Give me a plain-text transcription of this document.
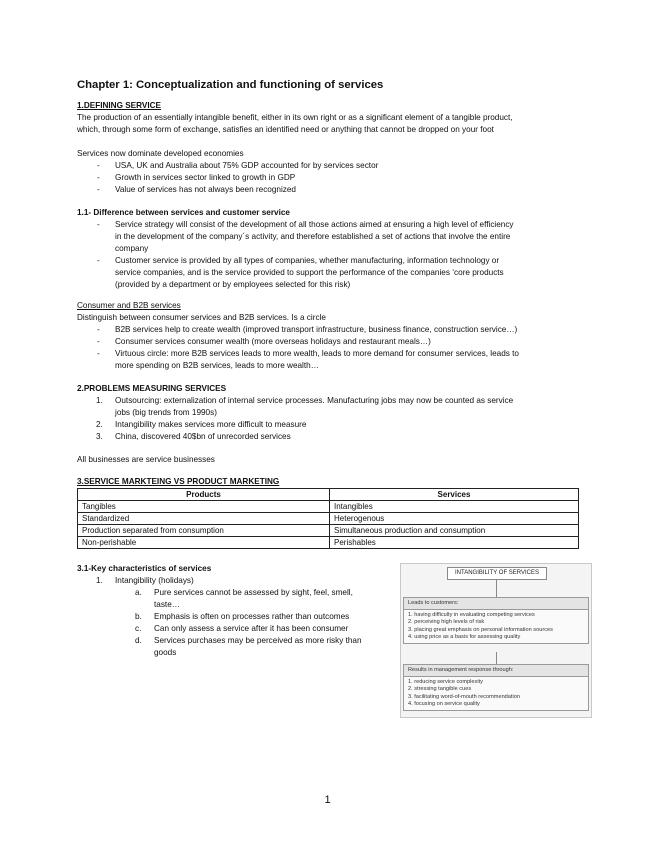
Chapter 1: Conceptualization and functioning of services
1.DEFINING SERVICE
The production of an essentially intangible benefit, either in its own right or as a significant element of a tangible product,
which, through some form of exchange, satisfies an identified need or anything that cannot be dropped on your foot
Services now dominate developed economies
- USA, UK and Australia about 75% GDP accounted for by services sector
- Growth in services sector linked to growth in GDP
- Value of services has not always been recognized
1.1- Difference between services and customer service
- Service strategy will consist of the development of all those actions aimed at ensuring a high level of efficiency
in the development of the company´s activity, and therefore established a set of actions that involve the entire
company
- Customer service is provided by all types of companies, whether manufacturing, information technology or
service companies, and is the service provided to support the performance of the companies ‘core products
(provided by a department or by employees selected for this risk)
Consumer and B2B services
Distinguish between consumer services and B2B services. Is a circle
- B2B services help to create wealth (improved transport infrastructure, business finance, construction service…)
- Consumer services consumer wealth (more overseas holidays and restaurant meals…)
- Virtuous circle: more B2B services leads to more wealth, leads to more demand for consumer services, leads to
more spending on B2B services, leads to more wealth…
2.PROBLEMS MEASURING SERVICES
1. Outsourcing: externalization of internal service processes. Manufacturing jobs may now be counted as service
jobs (big trends from 1990s)
2. Intangibility makes services more difficult to measure
3. China, discovered 40$bn of unrecorded services
All businesses are service businesses
3.SERVICE MARKTEING VS PRODUCT MARKETING
Products	Services
Tangibles	Intangibles
Standardized	Heterogenous
Production separated from consumption	Simultaneous production and consumption
Non-perishable	Perishables
3.1-Key characteristics of services
1. Intangibility (holidays)
a. Pure services cannot be assessed by sight, feel, smell,
taste…
b. Emphasis is often on processes rather than outcomes
c. Can only assess a service after it has been consumer
d. Services purchases may be perceived as more risky than
goods
INTANGIBILITY OF SERVICES
Leads to customers:
1. having difficulty in evaluating competing services
2. perceiving high levels of risk
3. placing great emphasis on personal information sources
4. using price as a basis for assessing quality
Results in management response through:
1. reducing service complexity
2. stressing tangible cues
3. facilitating word-of-mouth recommendation
4. focusing on service quality
1
